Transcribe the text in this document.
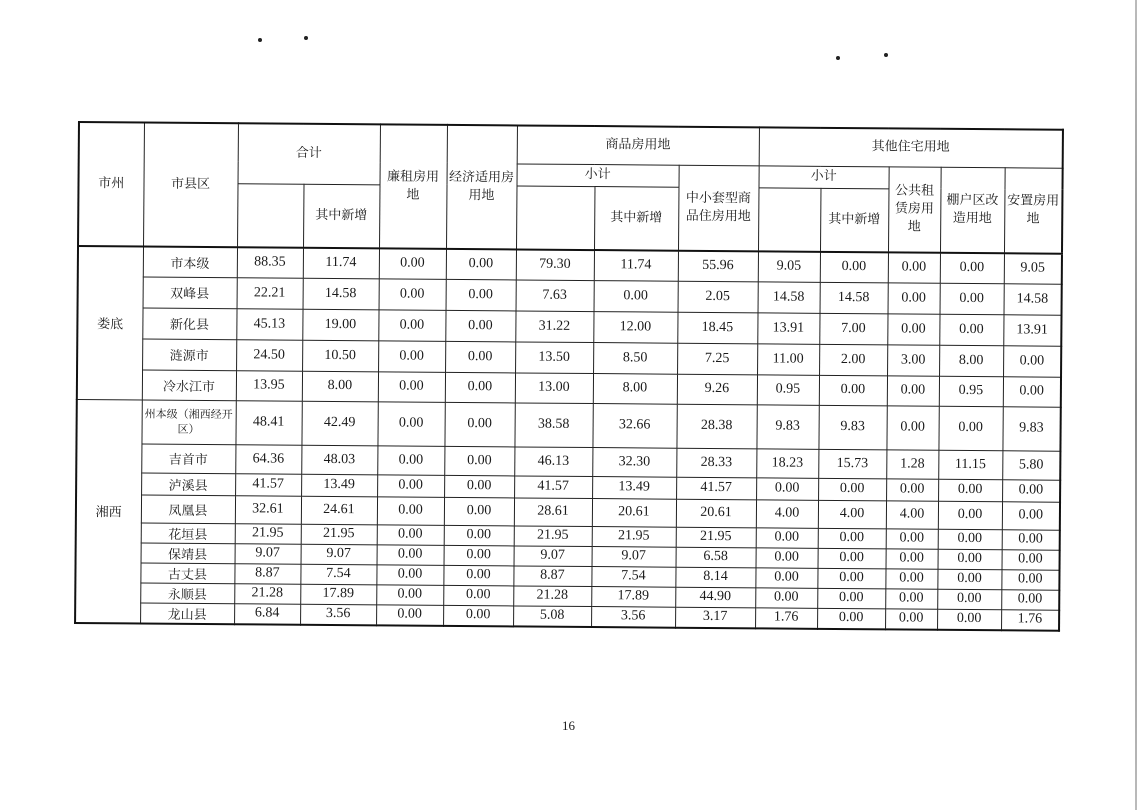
市州	市县区	合计		廉租房用地	经济适用房用地	商品房用地			其他住宅用地				
						小计		中小套型商品住房用地	小计		公共租赁房用地	棚户区改造用地	安置房用地
			其中新增				其中新增			其中新增			
娄底	市本级	88.35	11.74	0.00	0.00	79.30	11.74	55.96	9.05	0.00	0.00	0.00	9.05
	双峰县	22.21	14.58	0.00	0.00	7.63	0.00	2.05	14.58	14.58	0.00	0.00	14.58
	新化县	45.13	19.00	0.00	0.00	31.22	12.00	18.45	13.91	7.00	0.00	0.00	13.91
	涟源市	24.50	10.50	0.00	0.00	13.50	8.50	7.25	11.00	2.00	3.00	8.00	0.00
	冷水江市	13.95	8.00	0.00	0.00	13.00	8.00	9.26	0.95	0.00	0.00	0.95	0.00
湘西	州本级（湘西经开区）	48.41	42.49	0.00	0.00	38.58	32.66	28.38	9.83	9.83	0.00	0.00	9.83
	吉首市	64.36	48.03	0.00	0.00	46.13	32.30	28.33	18.23	15.73	1.28	11.15	5.80
	泸溪县	41.57	13.49	0.00	0.00	41.57	13.49	41.57	0.00	0.00	0.00	0.00	0.00
	凤凰县	32.61	24.61	0.00	0.00	28.61	20.61	20.61	4.00	4.00	4.00	0.00	0.00
	花垣县	21.95	21.95	0.00	0.00	21.95	21.95	21.95	0.00	0.00	0.00	0.00	0.00
	保靖县	9.07	9.07	0.00	0.00	9.07	9.07	6.58	0.00	0.00	0.00	0.00	0.00
	古丈县	8.87	7.54	0.00	0.00	8.87	7.54	8.14	0.00	0.00	0.00	0.00	0.00
	永顺县	21.28	17.89	0.00	0.00	21.28	17.89	44.90	0.00	0.00	0.00	0.00	0.00
	龙山县	6.84	3.56	0.00	0.00	5.08	3.56	3.17	1.76	0.00	0.00	0.00	1.76
16
